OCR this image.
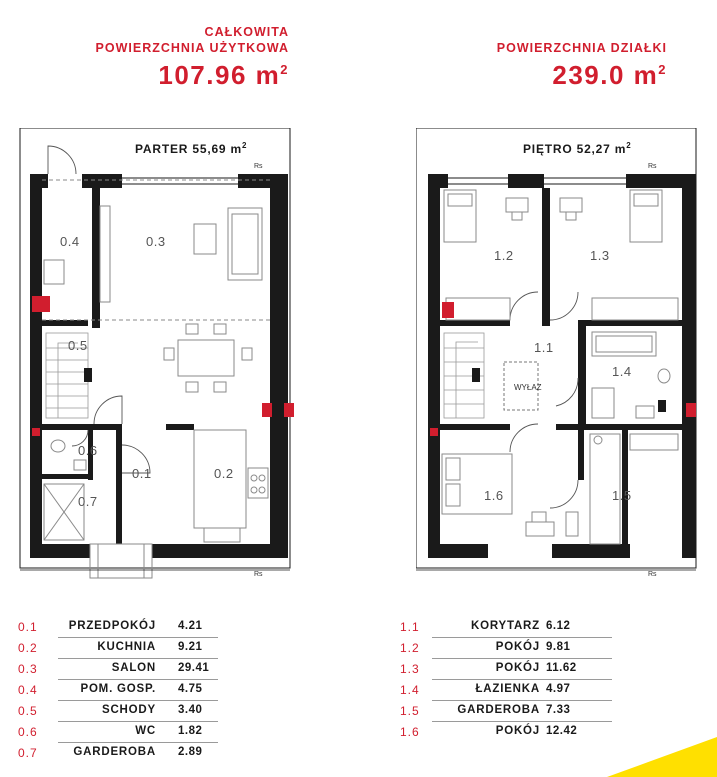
CAŁKOWITA
POWIERZCHNIA UŻYTKOWA
107.96 $m^2$
POWIERZCHNIA DZIAŁKI
239.0 $m^2$
Rs
Rs
PARTER 55,69 $m^2$
0.4	0.3
0.5
0.6
0.1	0.2
0.7
WYŁAZ
Rs
Rs
PIĘTRO 52,27 $m^2$
1.2	1.3
1.1
1.4
1.6	1.5
0.1	PRZEDPOKÓJ 4.21
0.2	KUCHNIA 9.21
0.3	SALON 29.41
0.4	POM. GOSP. 4.75
0.5	SCHODY 3.40
0.6	WC 1.82
0.7	GARDEROBA 2.89
1.1	KORYTARZ 6.12
1.2	POKÓJ 9.81
1.3	POKÓJ 11.62
1.4	ŁAZIENKA 4.97
1.5	GARDEROBA 7.33
1.6	POKÓJ 12.42
